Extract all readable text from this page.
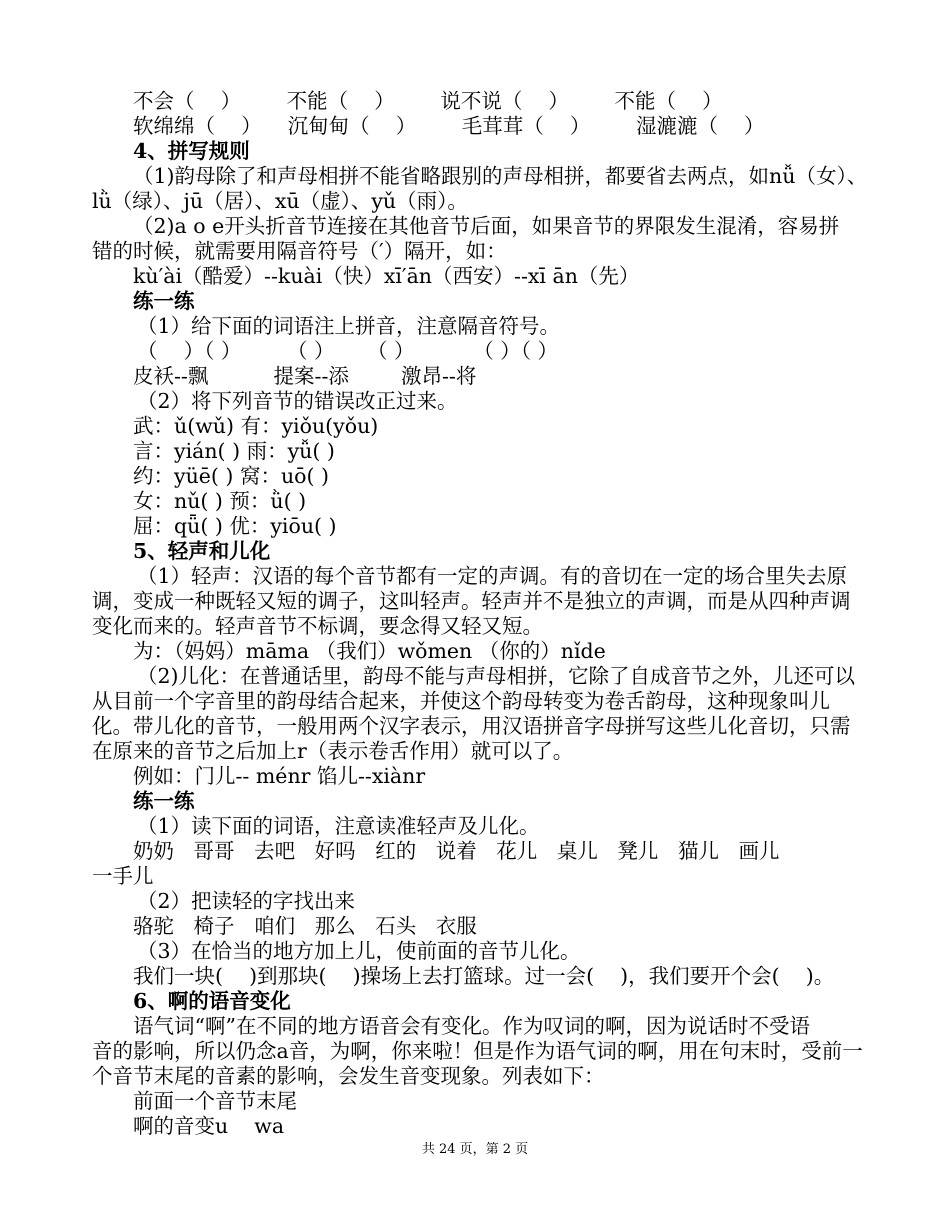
不会（    ）       不能（    ）       说不说（    ）       不能（    ）
软绵绵（    ）    沉甸甸（    ）       毛茸茸（    ）       湿漉漉（    ）
4、拼写规则
（1)韵母除了和声母相拼不能省略跟别的声母相拼，都要省去两点，如nǚ（女）、
lǜ（绿）、jū（居）、xū（虚）、yǔ（雨）。
（2)a o e开头折音节连接在其他音节后面，如果音节的界限发生混淆，容易拼
错的时候，就需要用隔音符号（′）隔开，如：
kù′ài（酷爱）--kuài（快）xī′ān（西安）--xī ān（先）
练一练
（1）给下面的词语注上拼音，注意隔音符号。
（    ）（ ）       （ ）     （ ）         （ ）（ ）
皮袄--飘          提案--添        激昂--将
（2）将下列音节的错误改正过来。
武：ǔ(wǔ) 有：yiǒu(yǒu)
言：yián( ) 雨：yǚ( )
约：yüē( ) 窝：uō( )
女：nǔ( ) 预：ǜ( )
屈：qǖ( ) 优：yiōu( )
5、轻声和儿化
（1）轻声：汉语的每个音节都有一定的声调。有的音切在一定的场合里失去原
调，变成一种既轻又短的调子，这叫轻声。轻声并不是独立的声调，而是从四种声调
变化而来的。轻声音节不标调，要念得又轻又短。
为：（妈妈）māma （我们）wǒmen （你的）nǐde
（2)儿化：在普通话里，韵母不能与声母相拼，它除了自成音节之外，儿还可以
从目前一个字音里的韵母结合起来，并使这个韵母转变为卷舌韵母，这种现象叫儿
化。带儿化的音节，一般用两个汉字表示，用汉语拼音字母拼写这些儿化音切，只需
在原来的音节之后加上r（表示卷舌作用）就可以了。
例如：门儿-- ménr 馅儿--xiànr
练一练
（1）读下面的词语，注意读准轻声及儿化。
奶奶   哥哥   去吧   好吗   红的   说着   花儿   桌儿   凳儿   猫儿   画儿
一手儿
（2）把读轻的字找出来
骆驼   椅子   咱们   那么   石头   衣服
（3）在恰当的地方加上儿，使前面的音节儿化。
我们一块(    )到那块(    )操场上去打篮球。过一会(    )，我们要开个会(    )。
6、啊的语音变化
语气词“啊”在不同的地方语音会有变化。作为叹词的啊，因为说话时不受语
音的影响，所以仍念a音，为啊，你来啦！但是作为语气词的啊，用在句末时，受前一
个音节末尾的音素的影响，会发生音变现象。列表如下：
前面一个音节末尾
啊的音变u    wa
共 24 页，第 2 页
